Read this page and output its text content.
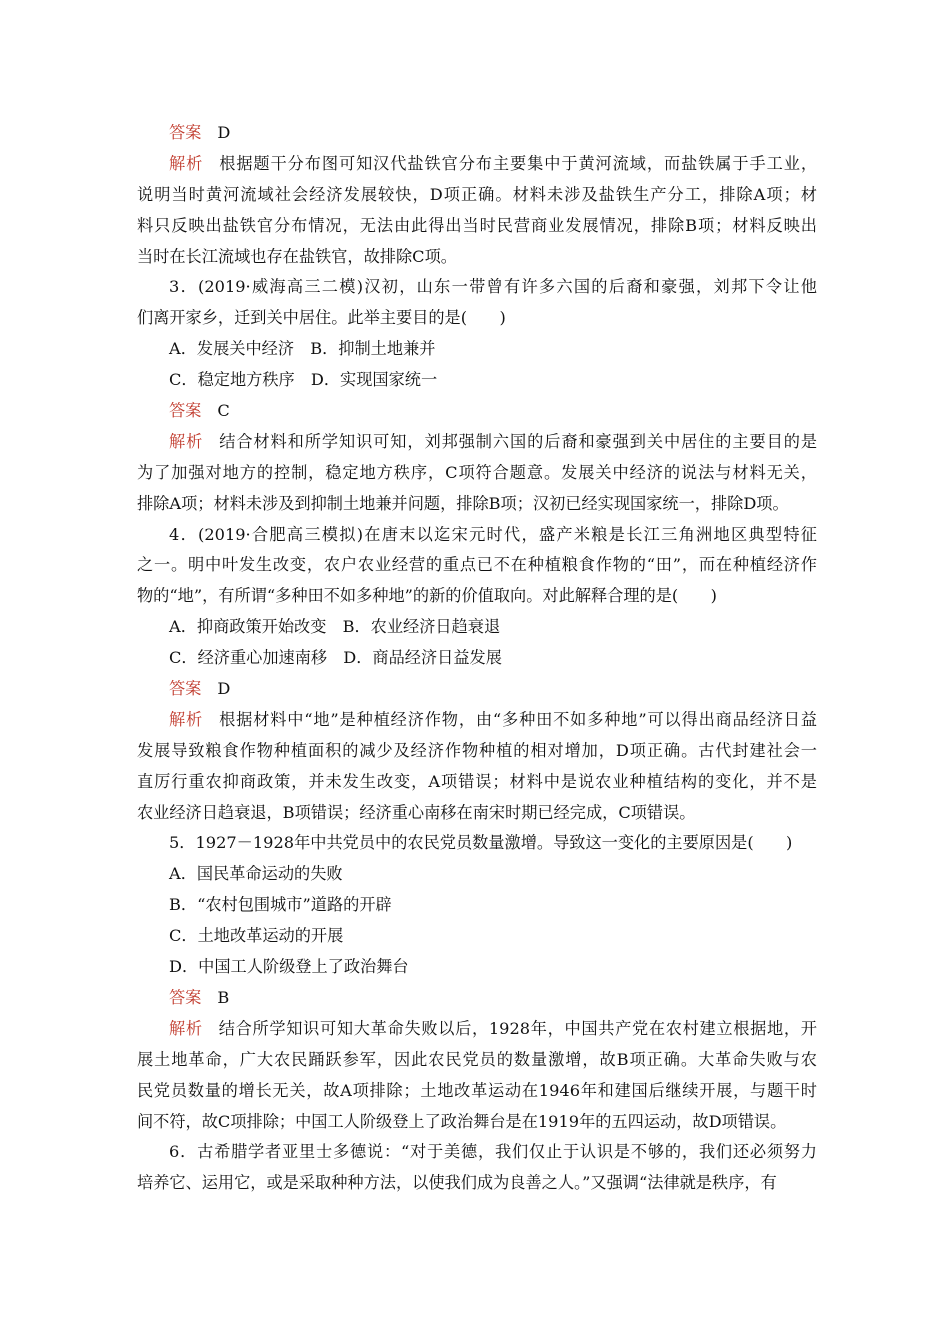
答案 D
解析 根据题干分布图可知汉代盐铁官分布主要集中于黄河流域，而盐铁属于手工业，
说明当时黄河流域社会经济发展较快，D项正确。材料未涉及盐铁生产分工，排除A项；材
料只反映出盐铁官分布情况，无法由此得出当时民营商业发展情况，排除B项；材料反映出
当时在长江流域也存在盐铁官，故排除C项。
3．(2019·威海高三二模)汉初，山东一带曾有许多六国的后裔和豪强，刘邦下令让他
们离开家乡，迁到关中居住。此举主要目的是(　　)
A．发展关中经济　B．抑制土地兼并
C．稳定地方秩序　D．实现国家统一
答案 C
解析 结合材料和所学知识可知，刘邦强制六国的后裔和豪强到关中居住的主要目的是
为了加强对地方的控制，稳定地方秩序，C项符合题意。发展关中经济的说法与材料无关，
排除A项；材料未涉及到抑制土地兼并问题，排除B项；汉初已经实现国家统一，排除D项。
4．(2019·合肥高三模拟)在唐末以迄宋元时代，盛产米粮是长江三角洲地区典型特征
之一。明中叶发生改变，农户农业经营的重点已不在种植粮食作物的“田”，而在种植经济作
物的“地”，有所谓“多种田不如多种地”的新的价值取向。对此解释合理的是(　　)
A．抑商政策开始改变　B．农业经济日趋衰退
C．经济重心加速南移　D．商品经济日益发展
答案 D
解析 根据材料中“地”是种植经济作物，由“多种田不如多种地”可以得出商品经济日益
发展导致粮食作物种植面积的减少及经济作物种植的相对增加，D项正确。古代封建社会一
直厉行重农抑商政策，并未发生改变，A项错误；材料中是说农业种植结构的变化，并不是
农业经济日趋衰退，B项错误；经济重心南移在南宋时期已经完成，C项错误。
5．1927－1928年中共党员中的农民党员数量激增。导致这一变化的主要原因是(　　)
A．国民革命运动的失败
B．“农村包围城市”道路的开辟
C．土地改革运动的开展
D．中国工人阶级登上了政治舞台
答案 B
解析 结合所学知识可知大革命失败以后，1928年，中国共产党在农村建立根据地，开
展土地革命，广大农民踊跃参军，因此农民党员的数量激增，故B项正确。大革命失败与农
民党员数量的增长无关，故A项排除；土地改革运动在1946年和建国后继续开展，与题干时
间不符，故C项排除；中国工人阶级登上了政治舞台是在1919年的五四运动，故D项错误。
6．古希腊学者亚里士多德说：“对于美德，我们仅止于认识是不够的，我们还必须努力
培养它、运用它，或是采取种种方法，以使我们成为良善之人。”又强调“法律就是秩序，有
